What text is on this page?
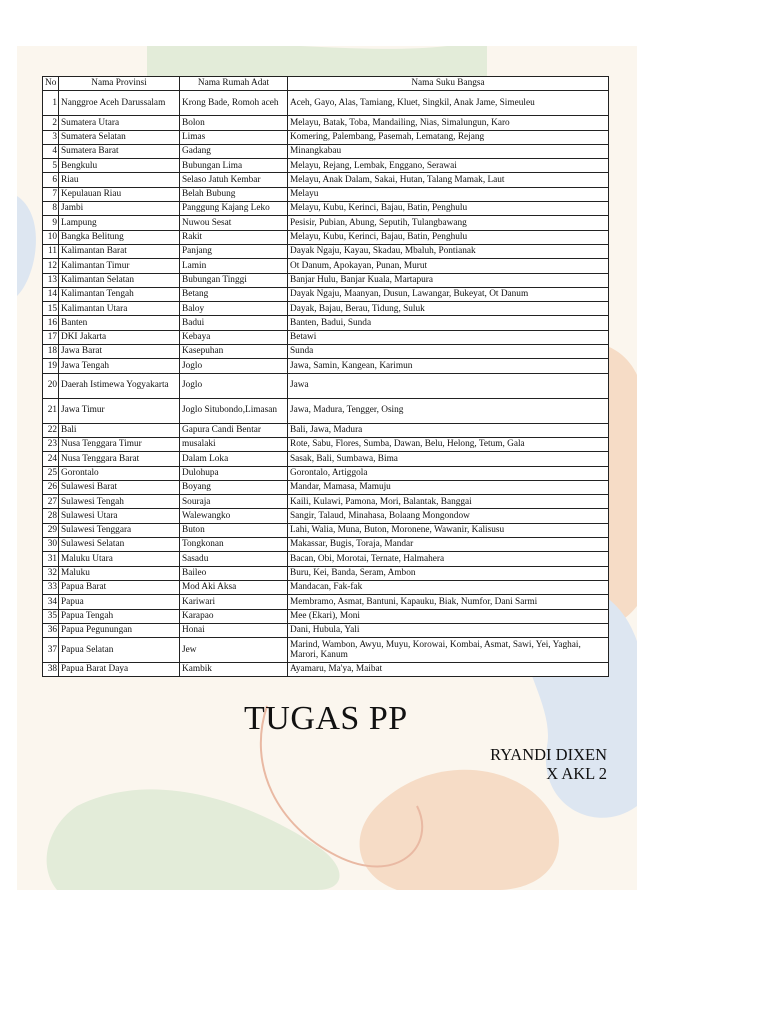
No	Nama Provinsi	Nama Rumah Adat	Nama Suku Bangsa
1	Nanggroe Aceh Darussalam	Krong Bade, Romoh aceh	Aceh, Gayo, Alas, Tamiang, Kluet, Singkil, Anak Jame, Simeuleu
2	Sumatera Utara	Bolon	Melayu, Batak, Toba, Mandailing, Nias, Simalungun, Karo
3	Sumatera Selatan	Limas	Komering, Palembang, Pasemah, Lematang, Rejang
4	Sumatera Barat	Gadang	Minangkabau
5	Bengkulu	Bubungan Lima	Melayu, Rejang, Lembak, Enggano, Serawai
6	Riau	Selaso Jatuh Kembar	Melayu, Anak Dalam, Sakai, Hutan, Talang Mamak, Laut
7	Kepulauan Riau	Belah Bubung	Melayu
8	Jambi	Panggung Kajang Leko	Melayu, Kubu, Kerinci, Bajau, Batin, Penghulu
9	Lampung	Nuwou Sesat	Pesisir, Pubian, Abung, Seputih, Tulangbawang
10	Bangka Belitung	Rakit	Melayu, Kubu, Kerinci, Bajau, Batin, Penghulu
11	Kalimantan Barat	Panjang	Dayak Ngaju, Kayau, Skadau, Mbaluh, Pontianak
12	Kalimantan Timur	Lamin	Ot Danum, Apokayan, Punan, Murut
13	Kalimantan Selatan	Bubungan Tinggi	Banjar Hulu, Banjar Kuala, Martapura
14	Kalimantan Tengah	Betang	Dayak Ngaju, Maanyan, Dusun, Lawangar, Bukeyat, Ot Danum
15	Kalimantan Utara	Baloy	Dayak, Bajau, Berau, Tidung, Suluk
16	Banten	Badui	Banten, Badui, Sunda
17	DKI Jakarta	Kebaya	Betawi
18	Jawa Barat	Kasepuhan	Sunda
19	Jawa Tengah	Joglo	Jawa, Samin, Kangean, Karimun
20	Daerah Istimewa Yogyakarta	Joglo	Jawa
21	Jawa Timur	Joglo Situbondo,Limasan	Jawa, Madura, Tengger, Osing
22	Bali	Gapura Candi Bentar	Bali, Jawa, Madura
23	Nusa Tenggara Timur	musalaki	Rote, Sabu, Flores, Sumba, Dawan, Belu, Helong, Tetum, Gala
24	Nusa Tenggara Barat	Dalam Loka	Sasak, Bali, Sumbawa, Bima
25	Gorontalo	Dulohupa	Gorontalo, Artiggola
26	Sulawesi Barat	Boyang	Mandar, Mamasa, Mamuju
27	Sulawesi Tengah	Souraja	Kaili, Kulawi, Pamona, Mori, Balantak, Banggai
28	Sulawesi Utara	Walewangko	Sangir, Talaud, Minahasa, Bolaang Mongondow
29	Sulawesi Tenggara	Buton	Lahi, Walia, Muna, Buton, Moronene, Wawanir, Kalisusu
30	Sulawesi Selatan	Tongkonan	Makassar, Bugis, Toraja, Mandar
31	Maluku Utara	Sasadu	Bacan, Obi, Morotai, Ternate, Halmahera
32	Maluku	Baileo	Buru, Kei, Banda, Seram, Ambon
33	Papua Barat	Mod Aki Aksa	Mandacan, Fak-fak
34	Papua	Kariwari	Membramo, Asmat, Bantuni, Kapauku, Biak, Numfor, Dani Sarmi
35	Papua Tengah	Karapao	Mee (Ekari), Moni
36	Papua Pegunungan	Honai	Dani, Hubula, Yali
37	Papua Selatan	Jew	Marind, Wambon, Awyu, Muyu, Korowai, Kombai, Asmat, Sawi, Yei, Yaghai, Marori, Kanum
38	Papua Barat Daya	Kambik	Ayamaru, Ma'ya, Maibat
TUGAS PP
RYANDI DIXEN
X AKL 2
